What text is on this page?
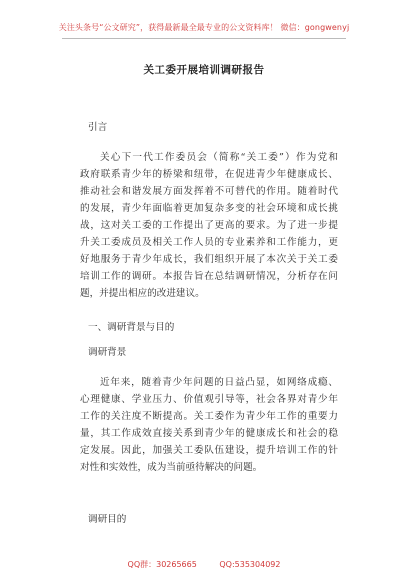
关注头条号“公文研究”，获得最新最全最专业的公文资料库！ 微信：gongwenyj
关工委开展培训调研报告
引言
关心下一代工作委员会（简称“关工委”）作为党和
政府联系青少年的桥梁和纽带，在促进青少年健康成长、
推动社会和谐发展方面发挥着不可替代的作用。随着时代
的发展，青少年面临着更加复杂多变的社会环境和成长挑
战，这对关工委的工作提出了更高的要求。为了进一步提
升关工委成员及相关工作人员的专业素养和工作能力，更
好地服务于青少年成长，我们组织开展了本次关于关工委
培训工作的调研。本报告旨在总结调研情况，分析存在问
题，并提出相应的改进建议。
一、调研背景与目的
调研背景
近年来，随着青少年问题的日益凸显，如网络成瘾、
心理健康、学业压力、价值观引导等，社会各界对青少年
工作的关注度不断提高。关工委作为青少年工作的重要力
量，其工作成效直接关系到青少年的健康成长和社会的稳
定发展。因此，加强关工委队伍建设，提升培训工作的针
对性和实效性，成为当前亟待解决的问题。
调研目的
QQ群：30265665	QQ:535304092
